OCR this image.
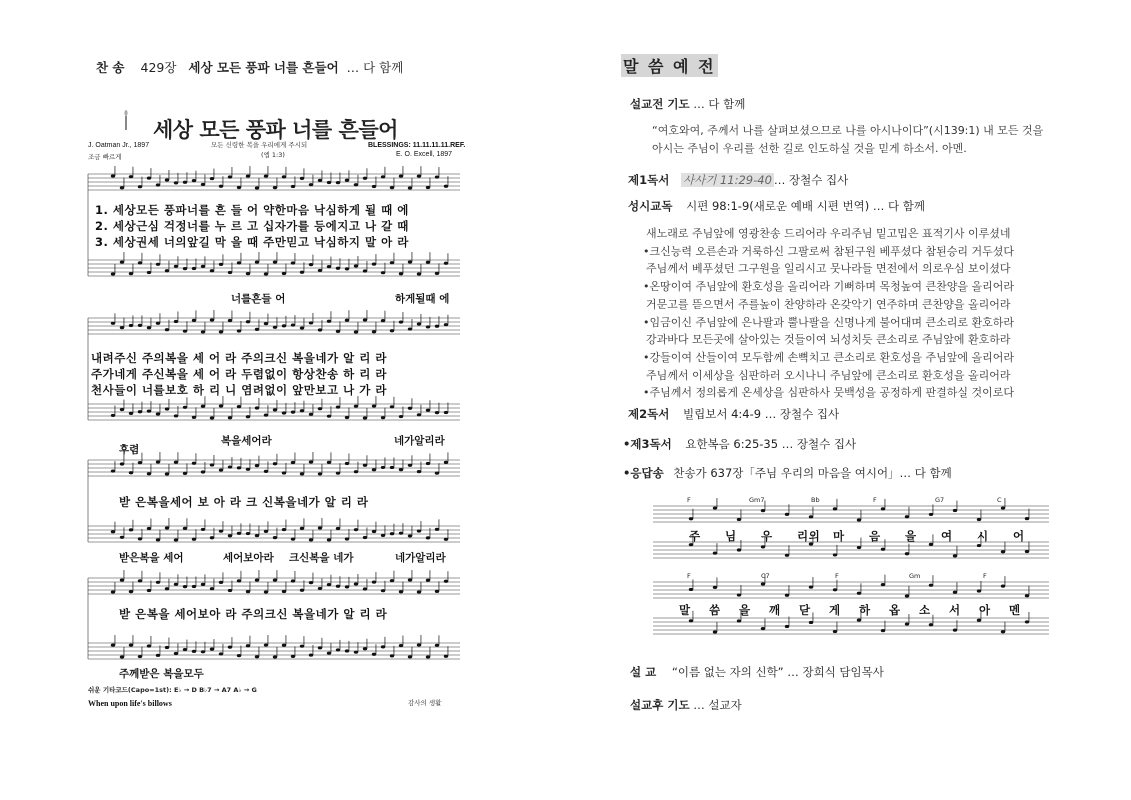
찬 송 429장 세상 모든 풍파 너를 흔들어 … 다 함께
세상 모든 풍파 너를 흔들어
J. Oatman Jr., 1897	모든 신령한 복을 우리에게 주시되
(엡 1:3)
BLESSINGS: 11.11.11.11.REF.
E. O. Excell, 1897
조금 빠르게
1. 세상모든 풍파너를 흔 들 어 약한마음 낙심하게 될 때 에
2. 세상근심 걱정너를 누 르 고 십자가를 등에지고 나 갈 때
3. 세상권세 너의앞길 막 을 때 주만믿고 낙심하지 말 아 라
너를흔들 어	하게될때 에
내려주신 주의복을 세 어 라 주의크신 복을네가 알 리 라
주가네게 주신복을 세 어 라 두렴없이 항상찬송 하 리 라
천사들이 너를보호 하 리 니 염려없이 앞만보고 나 가 라
복을세어라	네가알리라
후렴
받 은복을세어 보 아 라 크 신복을네가 알 리 라
받은복을 세어	세어보아라 크신복을 네가	네가알리라
받 은복을 세어보아 라 주의크신 복을네가 알 리 라
주께받은 복을모두
쉬운 기타코드(Capo=1st): E♭ → D B♭7 → A7 A♭ → G
When upon life's billows	감사의 생활
말 씀 예 전
설교전 기도 … 다 함께
“여호와여, 주께서 나를 살펴보셨으므로 나를 아시나이다”(시139:1) 내 모든 것을
아시는 주님이 우리를 선한 길로 인도하실 것을 믿게 하소서. 아멘.
제1독서 사사기 11:29-40 … 장철수 집사
성시교독 시편 98:1-9(새로운 예배 시편 번역) … 다 함께
새노래로 주님앞에 영광찬송 드리어라 우리주님 밑고밉은 표적기사 이루셨네
•크신능력 오른손과 거룩하신 그팔로써 참된구원 베푸셨다 참된승리 거두셨다
주님께서 베푸셨던 그구원을 일리시고 뭇나라들 면전에서 의로우심 보이셨다
•온땅이여 주님앞에 환호성을 올리어라 기뻐하며 목청높여 큰찬양을 올리어라
거문고를 뜯으면서 주를높이 찬양하라 온갖악기 연주하며 큰찬양을 올리어라
•임금이신 주님앞에 은나팔과 뿔나팔을 신명나게 불어대며 큰소리로 환호하라
강과바다 모든곳에 살아있는 것들이여 뇌성치듯 큰소리로 주님앞에 환호하라
•강들이여 산들이여 모두함께 손뼉치고 큰소리로 환호성을 주님앞에 올리어라
주님께서 이세상을 심판하러 오시나니 주님앞에 큰소리로 환호성을 올리어라
•주님께서 정의롭게 온세상을 심판하사 뭇백성을 공정하게 판결하실 것이로다
제2독서 빌립보서 4:4-9 … 장철수 집사
•제3독서 요한복음 6:25-35 … 장철수 집사
•응답송 찬송가 637장「주님 우리의 마음을 여시어」… 다 함께
주 님 우 리의 마 음 을 여 시 어
말 씀 을 깨 닫 게 하 옵 소 서 아 멘
F	Gm7	Bb	F	G7	C
F	C7	F	Gm	F
설 교 “이름 없는 자의 신학” … 장희식 담임목사
설교후 기도 … 설교자
